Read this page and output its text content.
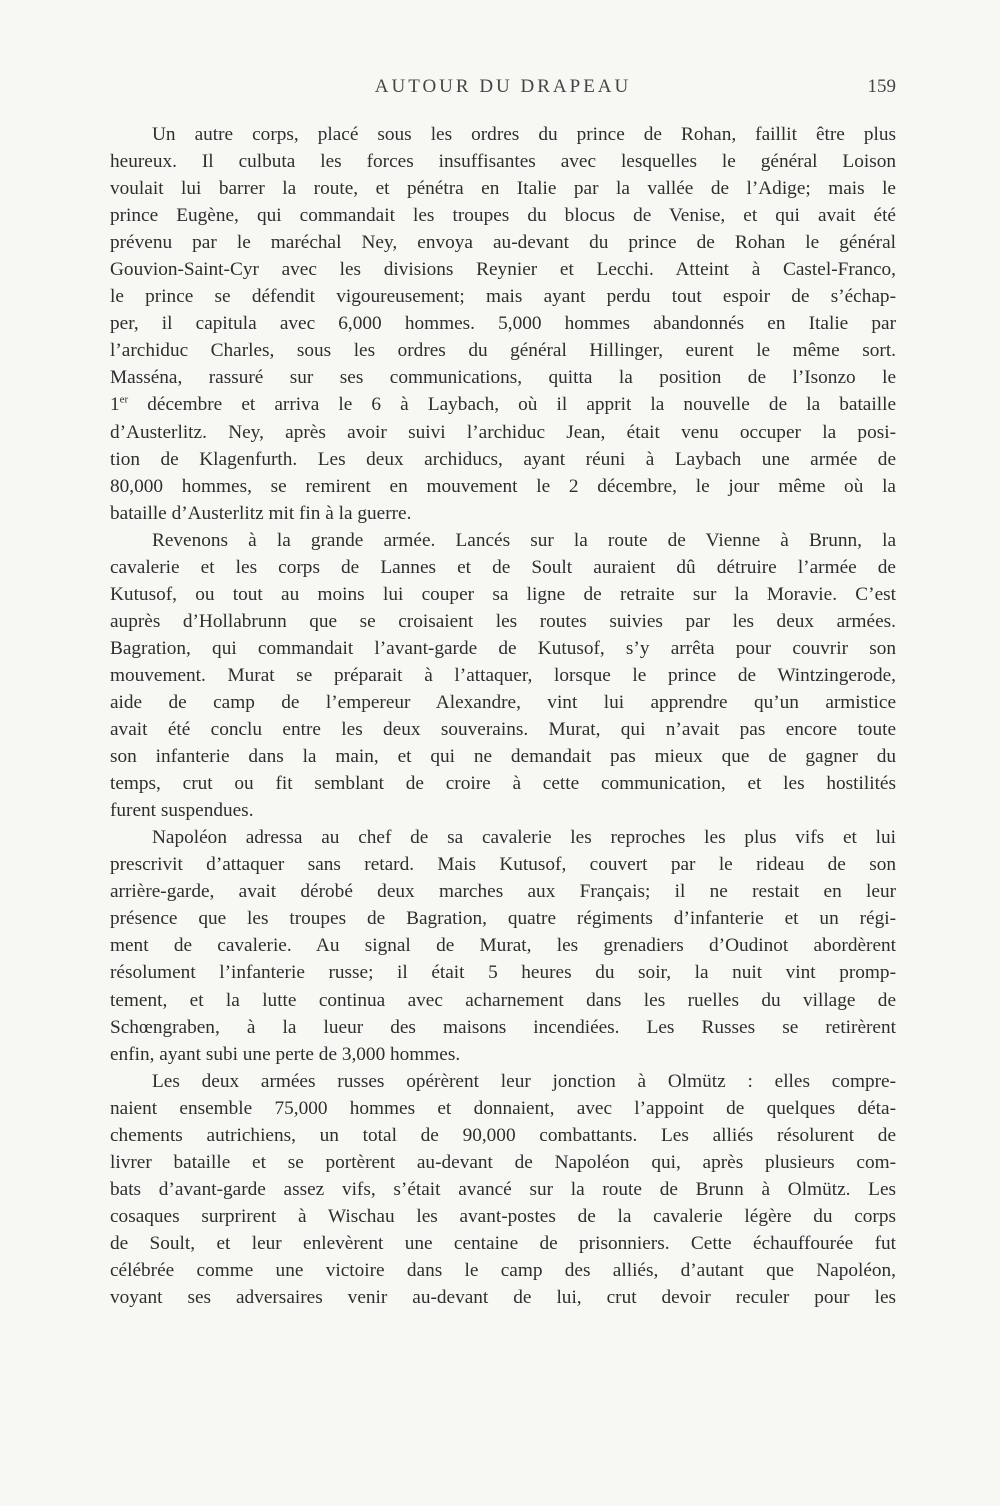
AUTOUR DU DRAPEAU	159

Un autre corps, placé sous les ordres du prince de Rohan, faillit être plus
heureux. Il culbuta les forces insuffisantes avec lesquelles le général Loison
voulait lui barrer la route, et pénétra en Italie par la vallée de l’Adige; mais le
prince Eugène, qui commandait les troupes du blocus de Venise, et qui avait été
prévenu par le maréchal Ney, envoya au-devant du prince de Rohan le général
Gouvion-Saint-Cyr avec les divisions Reynier et Lecchi. Atteint à Castel-Franco,
le prince se défendit vigoureusement; mais ayant perdu tout espoir de s’échap-
per, il capitula avec 6,000 hommes. 5,000 hommes abandonnés en Italie par
l’archiduc Charles, sous les ordres du général Hillinger, eurent le même sort.
Masséna, rassuré sur ses communications, quitta la position de l’Isonzo le
1er décembre et arriva le 6 à Laybach, où il apprit la nouvelle de la bataille
d’Austerlitz. Ney, après avoir suivi l’archiduc Jean, était venu occuper la posi-
tion de Klagenfurth. Les deux archiducs, ayant réuni à Laybach une armée de
80,000 hommes, se remirent en mouvement le 2 décembre, le jour même où la
bataille d’Austerlitz mit fin à la guerre.

Revenons à la grande armée. Lancés sur la route de Vienne à Brunn, la
cavalerie et les corps de Lannes et de Soult auraient dû détruire l’armée de
Kutusof, ou tout au moins lui couper sa ligne de retraite sur la Moravie. C’est
auprès d’Hollabrunn que se croisaient les routes suivies par les deux armées.
Bagration, qui commandait l’avant-garde de Kutusof, s’y arrêta pour couvrir son
mouvement. Murat se préparait à l’attaquer, lorsque le prince de Wintzingerode,
aide de camp de l’empereur Alexandre, vint lui apprendre qu’un armistice
avait été conclu entre les deux souverains. Murat, qui n’avait pas encore toute
son infanterie dans la main, et qui ne demandait pas mieux que de gagner du
temps, crut ou fit semblant de croire à cette communication, et les hostilités
furent suspendues.

Napoléon adressa au chef de sa cavalerie les reproches les plus vifs et lui
prescrivit d’attaquer sans retard. Mais Kutusof, couvert par le rideau de son
arrière-garde, avait dérobé deux marches aux Français; il ne restait en leur
présence que les troupes de Bagration, quatre régiments d’infanterie et un régi-
ment de cavalerie. Au signal de Murat, les grenadiers d’Oudinot abordèrent
résolument l’infanterie russe; il était 5 heures du soir, la nuit vint promp-
tement, et la lutte continua avec acharnement dans les ruelles du village de
Schœngraben, à la lueur des maisons incendiées. Les Russes se retirèrent
enfin, ayant subi une perte de 3,000 hommes.

Les deux armées russes opérèrent leur jonction à Olmütz : elles compre-
naient ensemble 75,000 hommes et donnaient, avec l’appoint de quelques déta-
chements autrichiens, un total de 90,000 combattants. Les alliés résolurent de
livrer bataille et se portèrent au-devant de Napoléon qui, après plusieurs com-
bats d’avant-garde assez vifs, s’était avancé sur la route de Brunn à Olmütz. Les
cosaques surprirent à Wischau les avant-postes de la cavalerie légère du corps
de Soult, et leur enlevèrent une centaine de prisonniers. Cette échauffourée fut
célébrée comme une victoire dans le camp des alliés, d’autant que Napoléon,
voyant ses adversaires venir au-devant de lui, crut devoir reculer pour les
